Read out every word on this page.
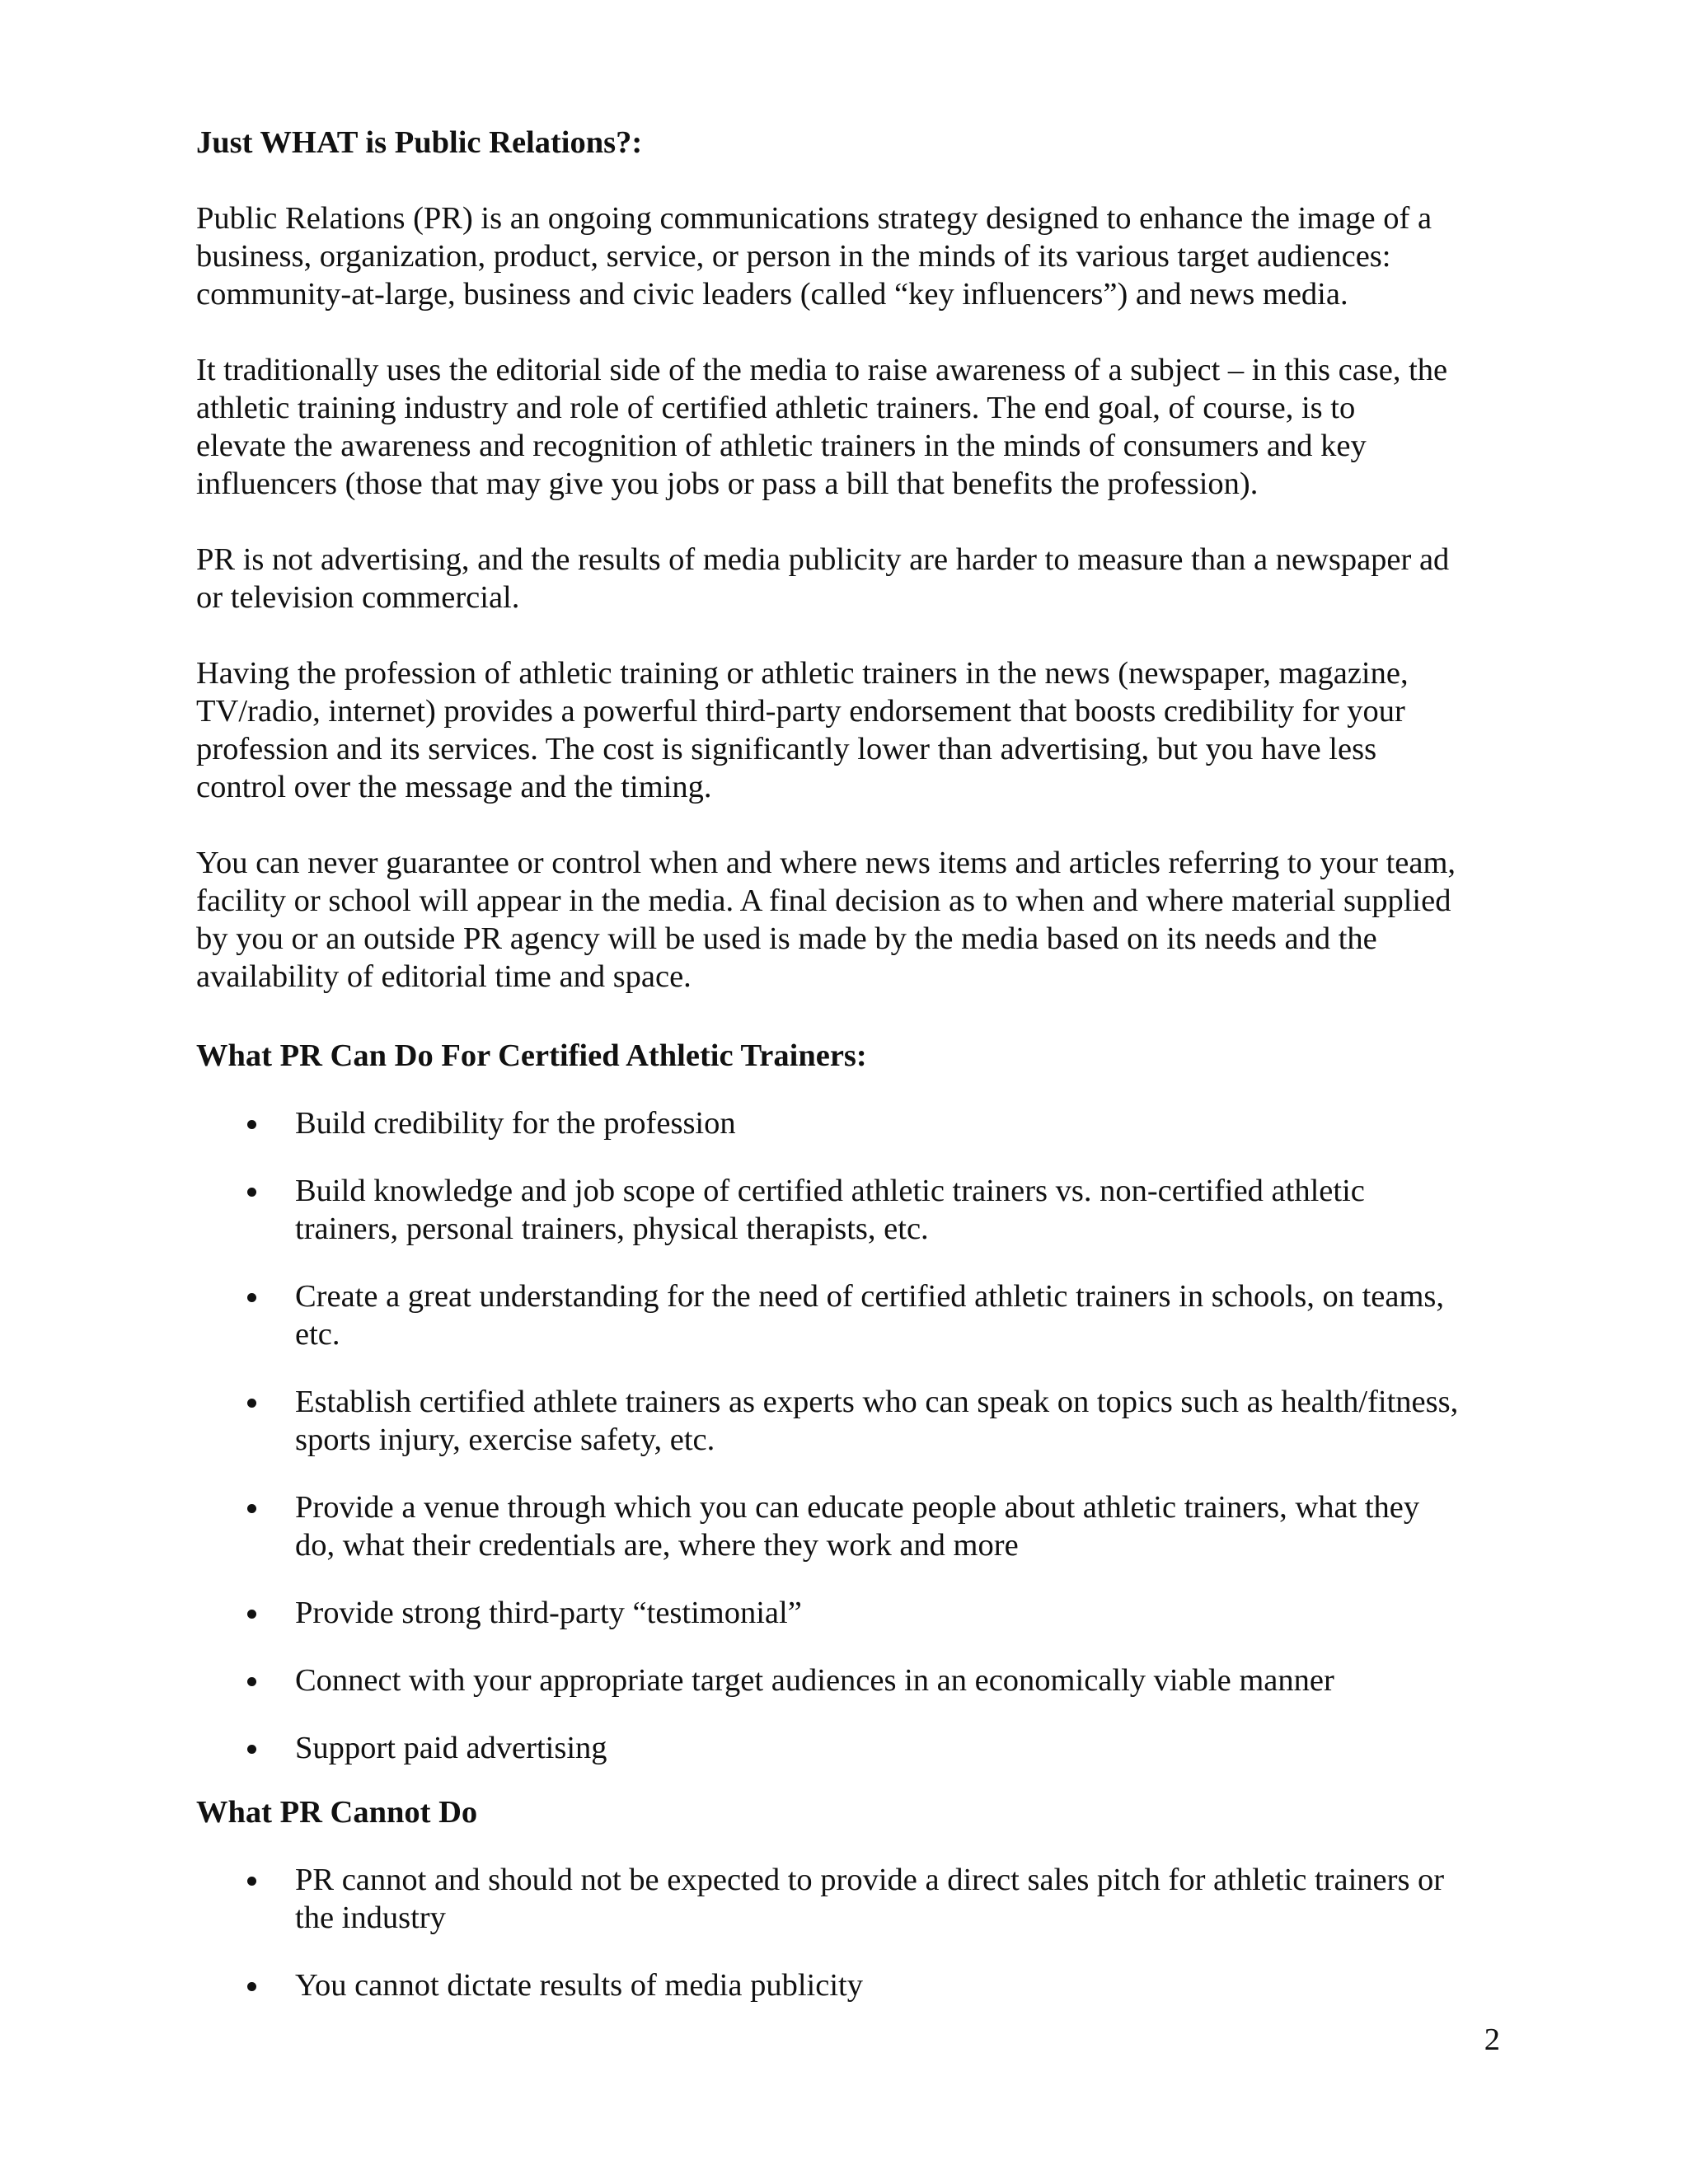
Just WHAT is Public Relations?:

Public Relations (PR) is an ongoing communications strategy designed to enhance the image of a

business, organization, product, service, or person in the minds of its various target audiences:

community-at-large, business and civic leaders (called “key influencers”) and news media.

It traditionally uses the editorial side of the media to raise awareness of a subject – in this case, the

athletic training industry and role of certified athletic trainers. The end goal, of course, is to

elevate the awareness and recognition of athletic trainers in the minds of consumers and key

influencers (those that may give you jobs or pass a bill that benefits the profession).

PR is not advertising, and the results of media publicity are harder to measure than a newspaper ad

or television commercial.

Having the profession of athletic training or athletic trainers in the news (newspaper, magazine,

TV/radio, internet) provides a powerful third-party endorsement that boosts credibility for your

profession and its services. The cost is significantly lower than advertising, but you have less

control over the message and the timing.

You can never guarantee or control when and where news items and articles referring to your team,

facility or school will appear in the media. A final decision as to when and where material supplied

by you or an outside PR agency will be used is made by the media based on its needs and the

availability of editorial time and space.

What PR Can Do For Certified Athletic Trainers:

Build credibility for the profession
Build knowledge and job scope of certified athletic trainers vs. non-certified athletic
trainers, personal trainers, physical therapists, etc.
Create a great understanding for the need of certified athletic trainers in schools, on teams,
etc.
Establish certified athlete trainers as experts who can speak on topics such as health/fitness,
sports injury, exercise safety, etc.
Provide a venue through which you can educate people about athletic trainers, what they
do, what their credentials are, where they work and more
Provide strong third-party “testimonial”
Connect with your appropriate target audiences in an economically viable manner
Support paid advertising

What PR Cannot Do

PR cannot and should not be expected to provide a direct sales pitch for athletic trainers or
the industry
You cannot dictate results of media publicity
2
